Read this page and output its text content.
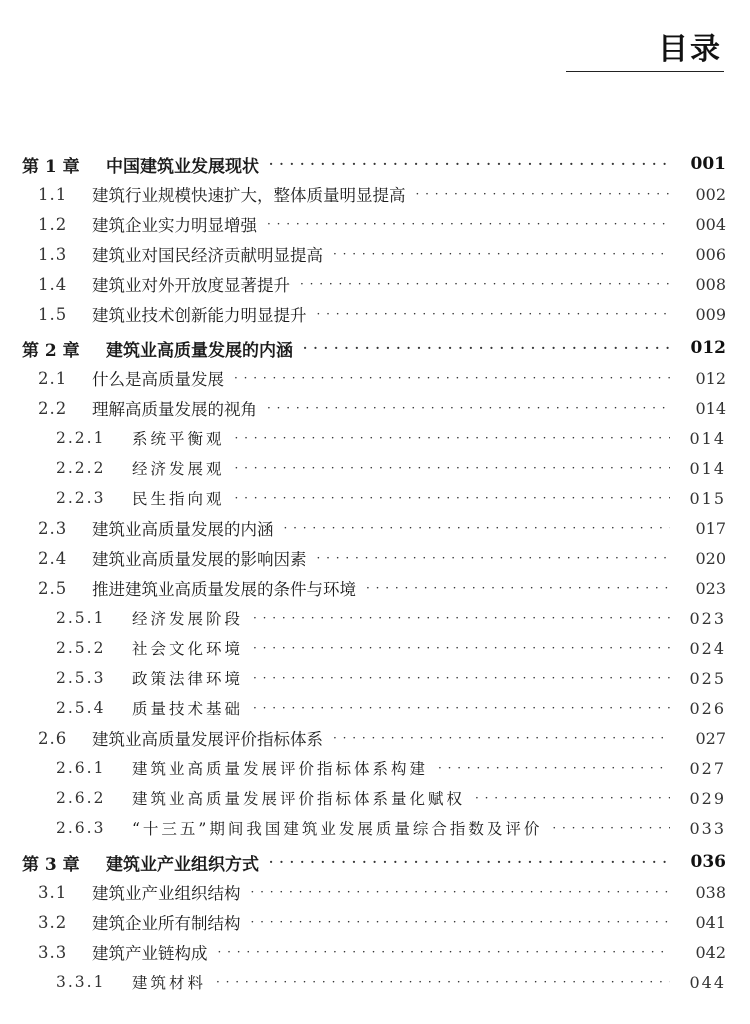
目录
第 1 章	中国建筑业发展现状 · · ·	001
1.1	建筑行业规模快速扩大，整体质量明显提高 · · ·	002
1.2	建筑企业实力明显增强 · · ·	004
1.3	建筑业对国民经济贡献明显提高 · · ·	006
1.4	建筑业对外开放度显著提升 · · ·	008
1.5	建筑业技术创新能力明显提升 · · ·	009
第 2 章	建筑业高质量发展的内涵 · · ·	012
2.1	什么是高质量发展 · · ·	012
2.2	理解高质量发展的视角 · · ·	014
2.2.1	系统平衡观 · · ·	014
2.2.2	经济发展观 · · ·	014
2.2.3	民生指向观 · · ·	015
2.3	建筑业高质量发展的内涵 · · ·	017
2.4	建筑业高质量发展的影响因素 · · ·	020
2.5	推进建筑业高质量发展的条件与环境 · · ·	023
2.5.1	经济发展阶段 · · ·	023
2.5.2	社会文化环境 · · ·	024
2.5.3	政策法律环境 · · ·	025
2.5.4	质量技术基础 · · ·	026
2.6	建筑业高质量发展评价指标体系 · · ·	027
2.6.1	建筑业高质量发展评价指标体系构建 · · ·	027
2.6.2	建筑业高质量发展评价指标体系量化赋权 · · ·	029
2.6.3	“十三五”期间我国建筑业发展质量综合指数及评价 · · ·	033
第 3 章	建筑业产业组织方式 · · ·	036
3.1	建筑业产业组织结构 · · ·	038
3.2	建筑企业所有制结构 · · ·	041
3.3	建筑产业链构成 · · ·	042
3.3.1	建筑材料 · · ·	044
